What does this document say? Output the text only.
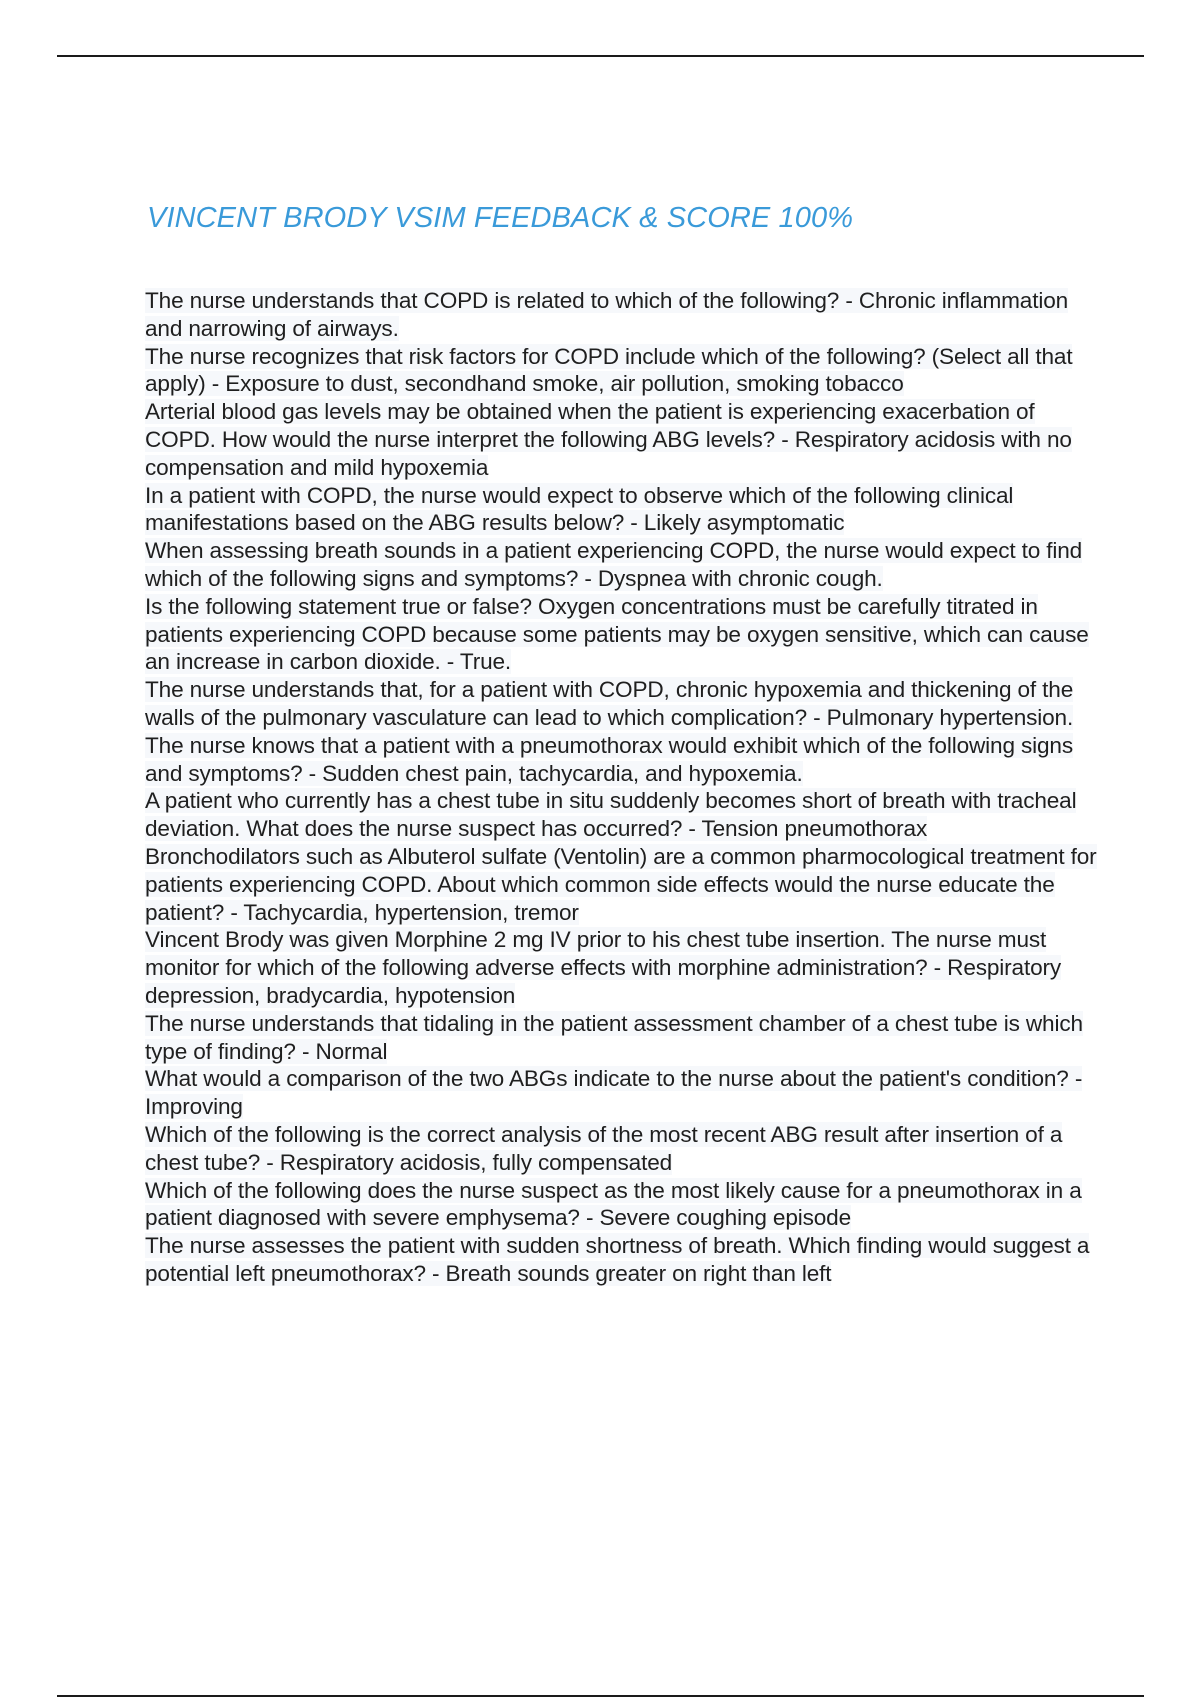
VINCENT BRODY VSIM FEEDBACK & SCORE 100%
The nurse understands that COPD is related to which of the following? - Chronic inflammation and narrowing of airways.
The nurse recognizes that risk factors for COPD include which of the following? (Select all that apply) - Exposure to dust, secondhand smoke, air pollution, smoking tobacco
Arterial blood gas levels may be obtained when the patient is experiencing exacerbation of COPD. How would the nurse interpret the following ABG levels? - Respiratory acidosis with no compensation and mild hypoxemia
In a patient with COPD, the nurse would expect to observe which of the following clinical manifestations based on the ABG results below? - Likely asymptomatic
When assessing breath sounds in a patient experiencing COPD, the nurse would expect to find which of the following signs and symptoms? - Dyspnea with chronic cough.
Is the following statement true or false? Oxygen concentrations must be carefully titrated in patients experiencing COPD because some patients may be oxygen sensitive, which can cause an increase in carbon dioxide. - True.
The nurse understands that, for a patient with COPD, chronic hypoxemia and thickening of the walls of the pulmonary vasculature can lead to which complication? - Pulmonary hypertension.
The nurse knows that a patient with a pneumothorax would exhibit which of the following signs and symptoms? - Sudden chest pain, tachycardia, and hypoxemia.
A patient who currently has a chest tube in situ suddenly becomes short of breath with tracheal deviation. What does the nurse suspect has occurred? - Tension pneumothorax
Bronchodilators such as Albuterol sulfate (Ventolin) are a common pharmocological treatment for patients experiencing COPD. About which common side effects would the nurse educate the patient? - Tachycardia, hypertension, tremor
Vincent Brody was given Morphine 2 mg IV prior to his chest tube insertion. The nurse must monitor for which of the following adverse effects with morphine administration? - Respiratory depression, bradycardia, hypotension
The nurse understands that tidaling in the patient assessment chamber of a chest tube is which type of finding? - Normal
What would a comparison of the two ABGs indicate to the nurse about the patient's condition? - Improving
Which of the following is the correct analysis of the most recent ABG result after insertion of a chest tube? - Respiratory acidosis, fully compensated
Which of the following does the nurse suspect as the most likely cause for a pneumothorax in a patient diagnosed with severe emphysema? - Severe coughing episode
The nurse assesses the patient with sudden shortness of breath. Which finding would suggest a potential left pneumothorax? - Breath sounds greater on right than left
